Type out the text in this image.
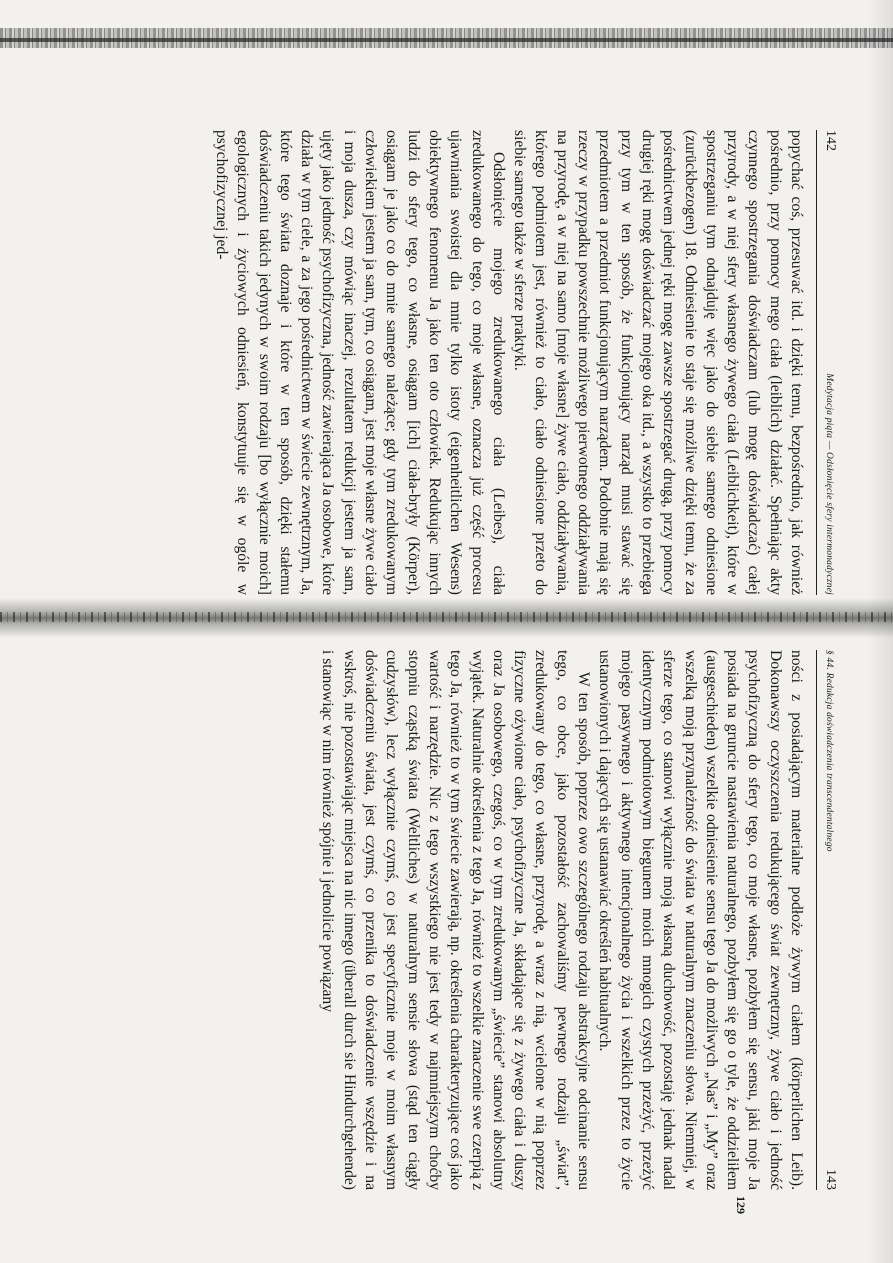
142
Medytacja piąta — Odsłonięcie sfery intermonadycznej

popychać coś, przesuwać itd. i dzięki temu, bezpośrednio, jak również pośrednio, przy pomocy mego ciała (leiblich) działać. Spełniając akty czynnego spostrzegania doświadczam (lub mogę doświadczać) całej przyrody, a w niej sfery własnego żywego ciała (Leiblichkeit), które w spostrzeganiu tym odnajduję więc jako do siebie samego odniesione (zurückbezogen) 18. Odniesienie to staje się możliwe dzięki temu, że za pośrednictwem jednej ręki mogę zawsze spostrzegać drugą, przy pomocy drugiej ręki mogę doświadczać mojego oka itd., a wszystko to przebiega przy tym w ten sposób, że funkcjonujący narząd musi stawać się przedmiotem a przedmiot funkcjonującym narządem. Podobnie mają się rzeczy w przypadku powszechnie możliwego pierwotnego oddziaływania na przyrodę, a w niej na samo [moje własne] żywe ciało, oddziaływania, którego podmiotem jest, również to ciało, ciało odniesione przeto do siebie samego także w sferze praktyki.

Odsłonięcie mojego zredukowanego ciała (Leibes), ciała zredukowanego do tego, co moje własne, oznacza już część procesu ujawniania swoistej dla mnie tylko istoty (eigenheitlichen Wesens) obiektywnego fenomenu Ja jako ten oto człowiek. Redukując innych ludzi do sfery tego, co własne, osiągam [ich] ciała-bryły (Körper), osiągam je jako co do mnie samego należące; gdy tym zredukowanym człowiekiem jestem ja sam, tym, co osiągam, jest moje własne żywe ciało i moja dusza, czy mówiąc inaczej, rezultatem redukcji jestem ja sam, ujęty jako jedność psychofizyczna, jedność zawierająca Ja osobowe, które działa w tym ciele, a za jego pośrednictwem w świecie zewnętrznym, Ja, które tego świata doznaje i które w ten sposób, dzięki stałemu doświadczeniu takich jedynych w swoim rodzaju [bo wyłącznie moich] egologicznych i życiowych odniesień, konstytuuje się w ogóle w psychofizycznej jed-

§ 44. Redukcja doświadczenia transcendentalnego
143
129

ności z posiadającym materialne podłoże żywym ciałem (körperlichen Leib). Dokonawszy oczyszczenia redukującego świat zewnętrzny, żywe ciało i jedność psychofizyczną do sfery tego, co moje własne, pozbyłem się sensu, jaki moje Ja posiada na gruncie nastawienia naturalnego, pozbyłem się go o tyle, że oddzieliłem (ausgeschieden) wszelkie odniesienie sensu tego Ja do możliwych „Nas” i „My” oraz wszelką moją przynależność do świata w naturalnym znaczeniu słowa. Niemniej, w sferze tego, co stanowi wyłącznie moją własną duchowość, pozostaję jednak nadal identycznym podmiotowym biegunem moich mnogich czystych przeżyć, przeżyć mojego pasywnego i aktywnego intencjonalnego życia i wszelkich przez to życie ustanowionych i dających się ustanawiać określeń habitualnych.

W ten sposób, poprzez owo szczególnego rodzaju abstrakcyjne odcinanie sensu tego, co obce, jako pozostałość zachowaliśmy pewnego rodzaju „świat”, zredukowany do tego, co własne, przyrodę, a wraz z nią, wcielone w nią poprzez fizyczne ożywione ciało, psychofizyczne Ja, składające się z żywego ciała i duszy oraz Ja osobowego, czegoś, co w tym zredukowanym „świecie” stanowi absolutny wyjątek. Naturalnie określenia z tego Ja, również to wszelkie znaczenie swe czerpią z tego Ja, również to w tym świecie zawierają, np. określenia charakteryzujące coś jako wartość i narzędzie. Nic z tego wszystkiego nie jest tedy w najmniejszym choćby stopniu cząstką świata (Weltliches) w naturalnym sensie słowa (stąd ten ciągły cudzysłów), lecz wyłącznie czymś, co jest specyficznie moje w moim własnym doświadczeniu świata, jest czymś, co przenika to doświadczenie wszędzie i na wskroś, nie pozostawiając miejsca na nic innego (überall durch sie Hindurchgehende) i stanowiąc w nim również spójnie i jednolicie powiązany
